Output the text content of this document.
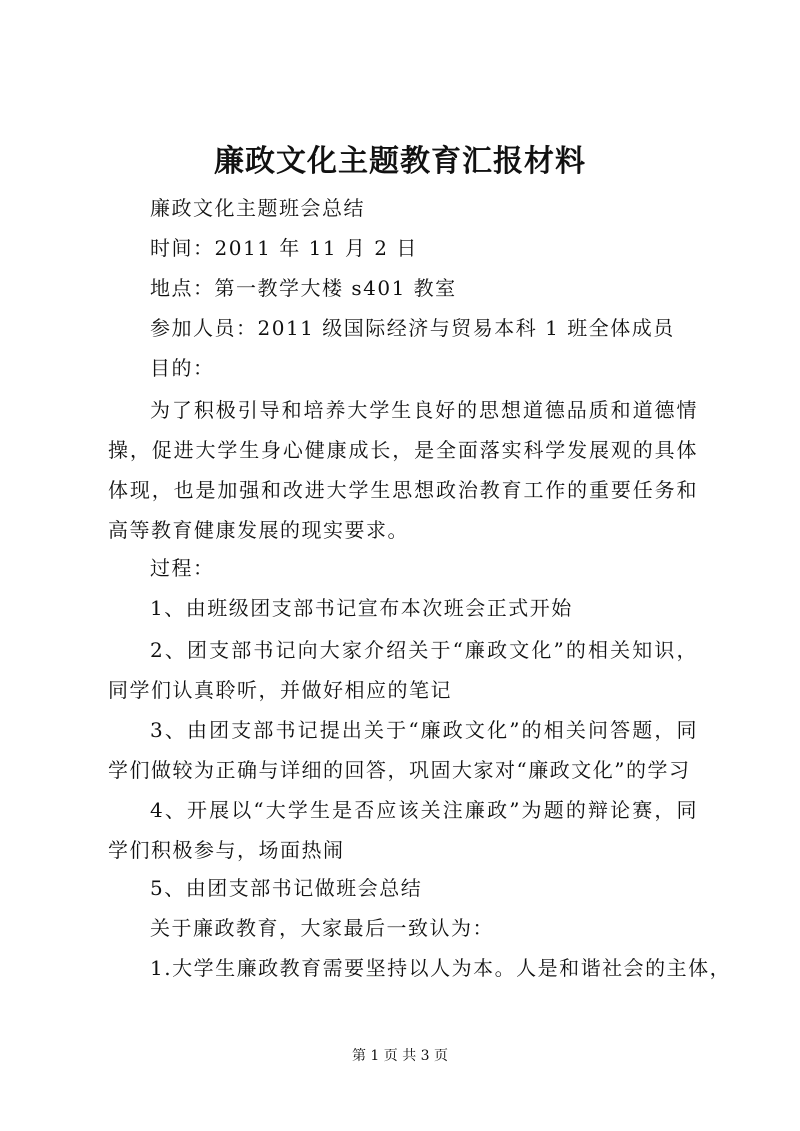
廉政文化主题教育汇报材料
廉政文化主题班会总结
时间：2011 年 11 月 2 日
地点：第一教学大楼 s401 教室
参加人员：2011 级国际经济与贸易本科 1 班全体成员
目的：
为了积极引导和培养大学生良好的思想道德品质和道德情操，促进大学生身心健康成长，是全面落实科学发展观的具体体现，也是加强和改进大学生思想政治教育工作的重要任务和高等教育健康发展的现实要求。
过程：
1、由班级团支部书记宣布本次班会正式开始
2、团支部书记向大家介绍关于“廉政文化”的相关知识，同学们认真聆听，并做好相应的笔记
3、由团支部书记提出关于“廉政文化”的相关问答题，同学们做较为正确与详细的回答，巩固大家对“廉政文化”的学习
4、开展以“大学生是否应该关注廉政”为题的辩论赛，同学们积极参与，场面热闹
5、由团支部书记做班会总结
关于廉政教育，大家最后一致认为：
1.大学生廉政教育需要坚持以人为本。人是和谐社会的主体，
第 1 页 共 3 页
